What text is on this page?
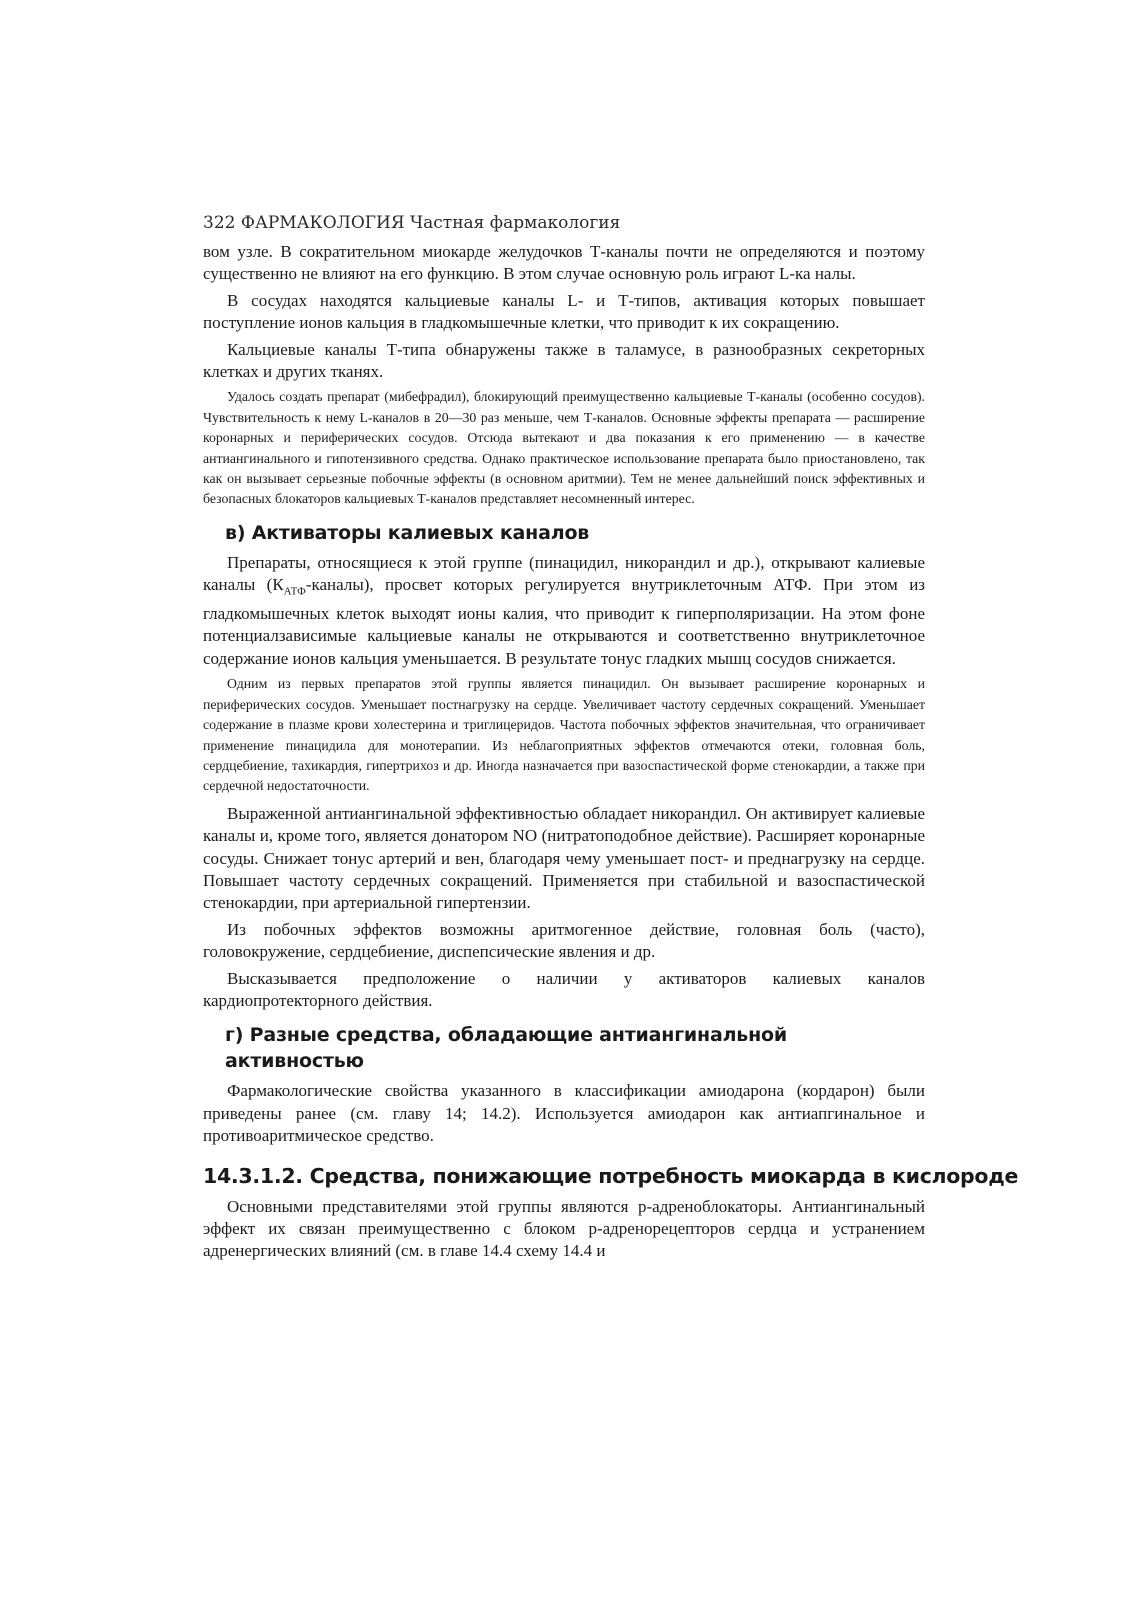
322 ФАРМАКОЛОГИЯ Частная фармакология

вом узле. В сократительном миокарде желудочков Т-каналы почти не определяются и поэтому существенно не влияют на его функцию. В этом случае основную роль играют L-ка налы.

В сосудах находятся кальциевые каналы L- и Т-типов, активация которых повышает поступление ионов кальция в гладкомышечные клетки, что приводит к их сокращению.

Кальциевые каналы Т-типа обнаружены также в таламусе, в разнообразных секреторных клетках и других тканях.

Удалось создать препарат (мибефрадил), блокирующий преимущественно кальциевые Т-каналы (особенно сосудов). Чувствительность к нему L-каналов в 20—30 раз меньше, чем Т-каналов. Основные эффекты препарата — расширение коронарных и периферических сосудов. Отсюда вытекают и два показания к его применению — в качестве антиангинального и гипотензивного средства. Однако практическое использование препарата было приостановлено, так как он вызывает серьезные побочные эффекты (в основном аритмии). Тем не менее дальнейший поиск эффективных и безопасных блокаторов кальциевых Т-каналов представляет несомненный интерес.

в) Активаторы калиевых каналов

Препараты, относящиеся к этой группе (пинацидил, никорандил и др.), открывают калиевые каналы $(К_{АТФ}-каналы)$, просвет которых регулируется внутриклеточным АТФ. При этом из гладкомышечных клеток выходят ионы калия, что приводит к гиперполяризации. На этом фоне потенциалзависимые кальциевые каналы не открываются и соответственно внутриклеточное содержание ионов кальция уменьшается. В результате тонус гладких мышц сосудов снижается.

Одним из первых препаратов этой группы является пинацидил. Он вызывает расширение коронарных и периферических сосудов. Уменьшает постнагрузку на сердце. Увеличивает частоту сердечных сокращений. Уменьшает содержание в плазме крови холестерина и триглицеридов. Частота побочных эффектов значительная, что ограничивает применение пинацидила для монотерапии. Из неблагоприятных эффектов отмечаются отеки, головная боль, сердцебиение, тахикардия, гипертрихоз и др. Иногда назначается при вазоспастической форме стенокардии, а также при сердечной недостаточности.

Выраженной антиангинальной эффективностью обладает никорандил. Он активирует калиевые каналы и, кроме того, является донатором NO (нитратоподобное действие). Расширяет коронарные сосуды. Снижает тонус артерий и вен, благодаря чему уменьшает пост- и преднагрузку на сердце. Повышает частоту сердечных сокращений. Применяется при стабильной и вазоспастической стенокардии, при артериальной гипертензии.

Из побочных эффектов возможны аритмогенное действие, головная боль (часто), головокружение, сердцебиение, диспепсические явления и др.

Высказывается предположение о наличии у активаторов калиевых каналов кардиопротекторного действия.

г) Разные средства, обладающие антиангинальной активностью

Фармакологические свойства указанного в классификации амиодарона (кордарон) были приведены ранее (см. главу 14; 14.2). Используется амиодарон как антиапгинальное и противоаритмическое средство.

14.3.1.2. Средства, понижающие потребность миокарда в кислороде

Основными представителями этой группы являются р-адреноблокаторы. Антиангинальный эффект их связан преимущественно с блоком р-адренорецепторов сердца и устранением адренергических влияний (см. в главе 14.4 схему 14.4 и
